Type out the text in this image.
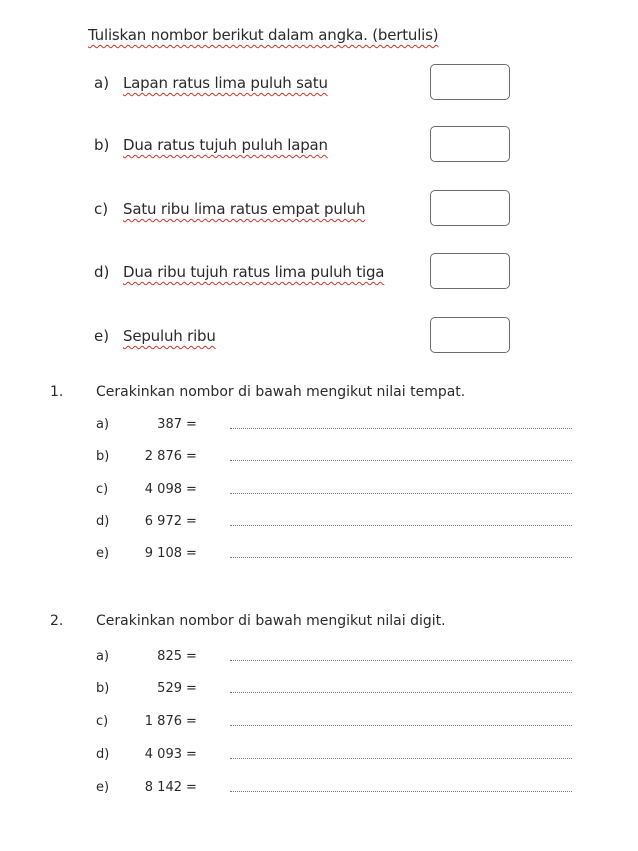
Tuliskan nombor berikut dalam angka. (bertulis)
a) Lapan ratus lima puluh satu
b) Dua ratus tujuh puluh lapan
c) Satu ribu lima ratus empat puluh
d) Dua ribu tujuh ratus lima puluh tiga
e) Sepuluh ribu
1. Cerakinkan nombor di bawah mengikut nilai tempat.
a)	387 =
b)	2 876 =
c)	4 098 =
d)	6 972 =
e)	9 108 =
2. Cerakinkan nombor di bawah mengikut nilai digit.
a)	825 =
b)	529 =
c)	1 876 =
d)	4 093 =
e)	8 142 =
